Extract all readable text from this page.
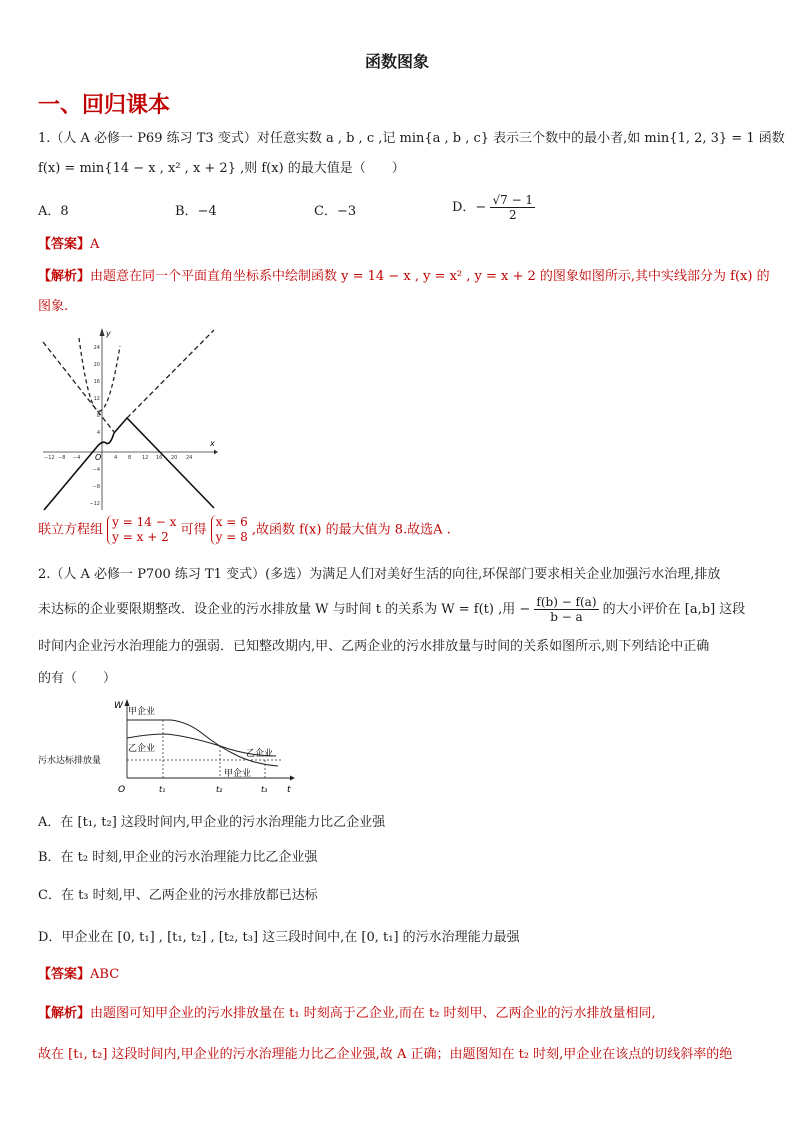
函数图象
一、回归课本
1.（人 A 必修一 P69 练习 T3 变式）对任意实数 a , b , c ,记 min{a , b , c} 表示三个数中的最小者,如 min{1, 2, 3} = 1 函数
f(x) = min{14 − x , x² , x + 2} ,则 f(x) 的最大值是（　　）
A．8	B．−4	C．−3	D．− $\frac{√7 - 1}{2}$
【答案】A
【解析】由题意在同一个平面直角坐标系中绘制函数 y = 14 − x , y = x² , y = x + 2 的图象如图所示,其中实线部分为 f(x) 的
图象.
x
y
O
−12 −8 −4	4 8 12 16 20 24
24
20
16
12
8
4
−4
−8
−12
联立方程组
y = 14 − x
y = x + 2 可得
x = 6
y = 8 ,故函数 f(x) 的最大值为 8.故选A .
2.（人 A 必修一 P700 练习 T1 变式）(多选）为满足人们对美好生活的向往,环保部门要求相关企业加强污水治理,排放
未达标的企业要限期整改．设企业的污水排放量 W 与时间 t 的关系为 W = f(t) ,用 − $\frac{f(b) - f(a)}{b - a}$ 的大小评价在 [a,b] 这段
时间内企业污水治理能力的强弱．已知整改期内,甲、乙两企业的污水排放量与时间的关系如图所示,则下列结论中正确
的有（　　）
W
t
O
污水达标排放量
甲企业
乙企业	乙企业
甲企业
t₁	t₂	t₃
A．在 [t₁, t₂] 这段时间内,甲企业的污水治理能力比乙企业强
B．在 t₂ 时刻,甲企业的污水治理能力比乙企业强
C．在 t₃ 时刻,甲、乙两企业的污水排放都已达标
D．甲企业在 [0, t₁] , [t₁, t₂] , [t₂, t₃] 这三段时间中,在 [0, t₁] 的污水治理能力最强
【答案】ABC
【解析】由题图可知甲企业的污水排放量在 t₁ 时刻高于乙企业,而在 t₂ 时刻甲、乙两企业的污水排放量相同,
故在 [t₁, t₂] 这段时间内,甲企业的污水治理能力比乙企业强,故 A 正确；由题图知在 t₂ 时刻,甲企业在该点的切线斜率的绝
